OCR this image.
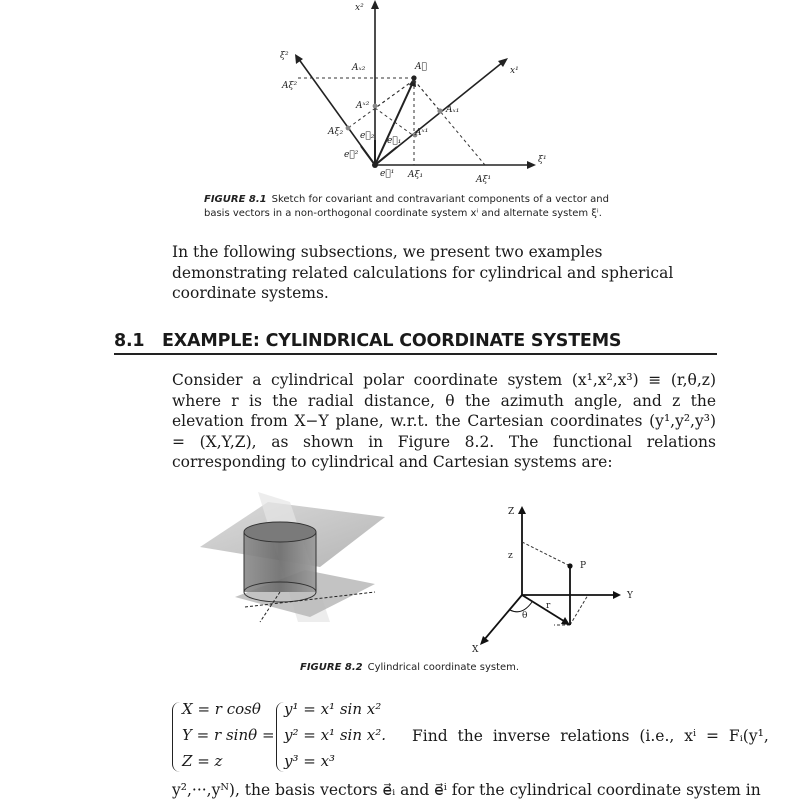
x²
x¹
ξ²
ξ¹
A⃗
Aₓ₂
Aξ²
Aˣ²	Aₓ₁
Aξ₂ e⃗₂ e⃗₁
Aˣ¹
e⃗²
e⃗¹ Aξ₁	Aξ¹
FIGURE 8.1 Sketch for covariant and contravariant components of a vector and basis vectors in a non-orthogonal coordinate system xⁱ and alternate system ξⁱ.
In the following subsections, we present two examples demonstrating related calculations for cylindrical and spherical coordinate systems.
8.1 EXAMPLE: CYLINDRICAL COORDINATE SYSTEMS
Consider a cylindrical polar coordinate system (x¹,x²,x³) ≡ (r,θ,z) where r is the radial distance, θ the azimuth angle, and z the elevation from X−Y plane, w.r.t. the Cartesian coordinates (y¹,y²,y³) = (X,Y,Z), as shown in Figure 8.2. The functional relations corresponding to cylindrical and Cartesian systems are:
Z
z
P
Y
X
r
θ
FIGURE 8.2 Cylindrical coordinate system.
X = r cosθ
Y = r sinθ
Z = z
=
y¹ = x¹ sin x²
y² = x¹ sin x².
y³ = x³
Find the inverse relations (i.e., xⁱ = Fᵢ(y¹,
y²,···,yᴺ), the basis vectors e⃗ᵢ and e⃗ⁱ for the cylindrical coordinate system in
